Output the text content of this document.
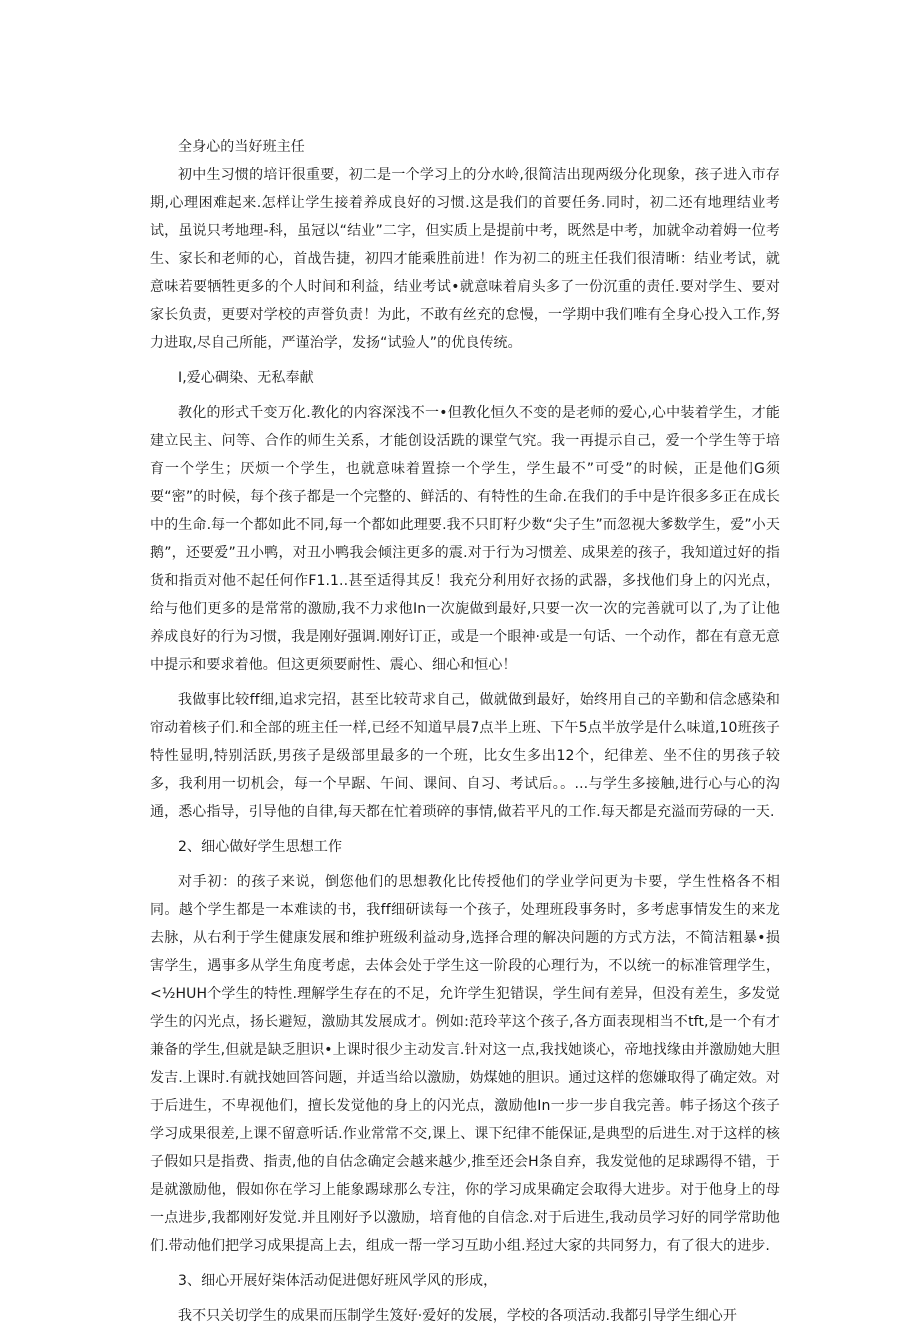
全身心的当好班主任

初中生习惯的培讦很重要，初二是一个学习上的分水岭,很简洁出现两级分化现象，孩子进入市存期,心理困难起来.怎样让学生接着养成良好的习惯.这是我们的首要任务.同时，初二还有地理结业考试，虽说只考地理-科，虽冠以“结业”二字，但实质上是提前中考，既然是中考，加就伞动着姆一位考生、家长和老师的心，首战告捷，初四才能乘胜前进！作为初二的班主任我们很清晰：结业考试，就意味若要牺牲更多的个人时间和利益，结业考试•就意味着肩头多了一份沉重的责任.要对学生、要对家长负责，更要对学校的声誉负责！为此，不敢有丝充的怠慢，一学期中我们唯有全身心投入工作,努力进取,尽自己所能，严谨治学，发扬“试验人”的优良传统。

I,爱心碉染、无私奉献

教化的形式千变万化.教化的内容深浅不一•但教化恒久不变的是老师的爱心,心中装着学生，才能建立民主、问等、合作的师生关系，才能创设活跣的课堂气究。我一再提示自己，爱一个学生等于培育一个学生；厌烦一个学生，也就意味着置捺一个学生，学生最不”可受”的时候，正是他们G须要“密”的时候，每个孩子都是一个完整的、鲜活的、有特性的生命.在我们的手中是许很多多正在成长中的生命.每一个都如此不同,每一个都如此理要.我不只盯籽少数“尖子生”而忽视大爹数学生，爱”小天鹅”，还要爱”丑小鸭，对丑小鸭我会倾注更多的震.对于行为习惯差、成果差的孩子，我知道过好的指货和指贡对他不起任何作F1.1..甚至适得其反！我充分利用好衣扬的武器，多找他们身上的闪光点，给与他们更多的是常常的激励,我不力求他In一次旎做到最好,只要一次一次的完善就可以了,为了让他养成良好的行为习惯，我是刚好强调.刚好订正，或是一个眼神·或是一句话、一个动作，都在有意无意中提示和要求着他。但这更须要耐性、震心、细心和恒心！

我做事比较ff细,追求完招，甚至比较苛求自己，做就做到最好，始终用自己的辛勤和信念感染和帘动着核子们.和全部的班主任一样,已经不知道早晨7点半上班、下午5点半放学是什么味道,10班孩子特性显明,特别活跃,男孩子是级部里最多的一个班，比女生多出12个，纪律差、坐不住的男孩子较多，我利用一切机会，每一个早踞、午间、课间、自习、考试后。。...与学生多接触,进行心与心的沟通，悉心指导，引导他的自律,每天都在忙着琐碎的事情,做若平凡的工作.每天都是充溢而劳碌的一天.

2、细心做好学生思想工作

对手初：的孩子来说，倒您他们的思想教化比传授他们的学业学问更为卡要，学生性格各不相同。越个学生都是一本难读的书，我ff细研读每一个孩子，处理班段事务时，多考虑事情发生的来龙去脉，从右利于学生健康发展和维护班级利益动身,选择合理的解决问题的方式方法，不简洁粗暴•损害学生，遇事多从学生角度考虑，去体会处于学生这一阶段的心理行为，不以统一的标准管理学生，<½HUH个学生的特性.理解学生存在的不足，允许学生犯错误，学生间有差异，但没有差生，多发觉学生的闪光点，扬长避短，激励其发展成才。例如:范玲苹这个孩子,各方面表现相当不tft,是一个有才兼备的学生,但就是缺乏胆识•上课时很少主动发言.针对这一点,我找她谈心，帝地找缘由并激励她大胆发吉.上课时.有就找她回答问题，并适当给以激励，妫煤她的胆识。通过这样的您嫌取得了确定效。对于后进生，不卑视他们，擅长发觉他的身上的闪光点，激励他In一步一步自我完善。帏子扬这个孩子学习成果很差,上课不留意听话.作业常常不交,课上、课下纪律不能保证,是典型的后进生.对于这样的核子假如只是指费、指责,他的自估念确定会越来越少,推至还会H条自弃，我发觉他的足球踢得不错，于是就激励他，假如你在学习上能象踢球那么专注，你的学习成果确定会取得大进步。对于他身上的母一点进步,我都刚好发觉.并且刚好予以激励，培育他的自信念.对于后进生,我动员学习好的同学常助他们.带动他们把学习成果提高上去，组成一帮一学习互助小组.羟过大家的共同努力，有了很大的进步.

3、细心开展好柒体活动促进偲好班风学风的形成，

我不只关切学生的成果而压制学生笈好·爱好的发展，学校的各项活动.我都引导学生细心开
